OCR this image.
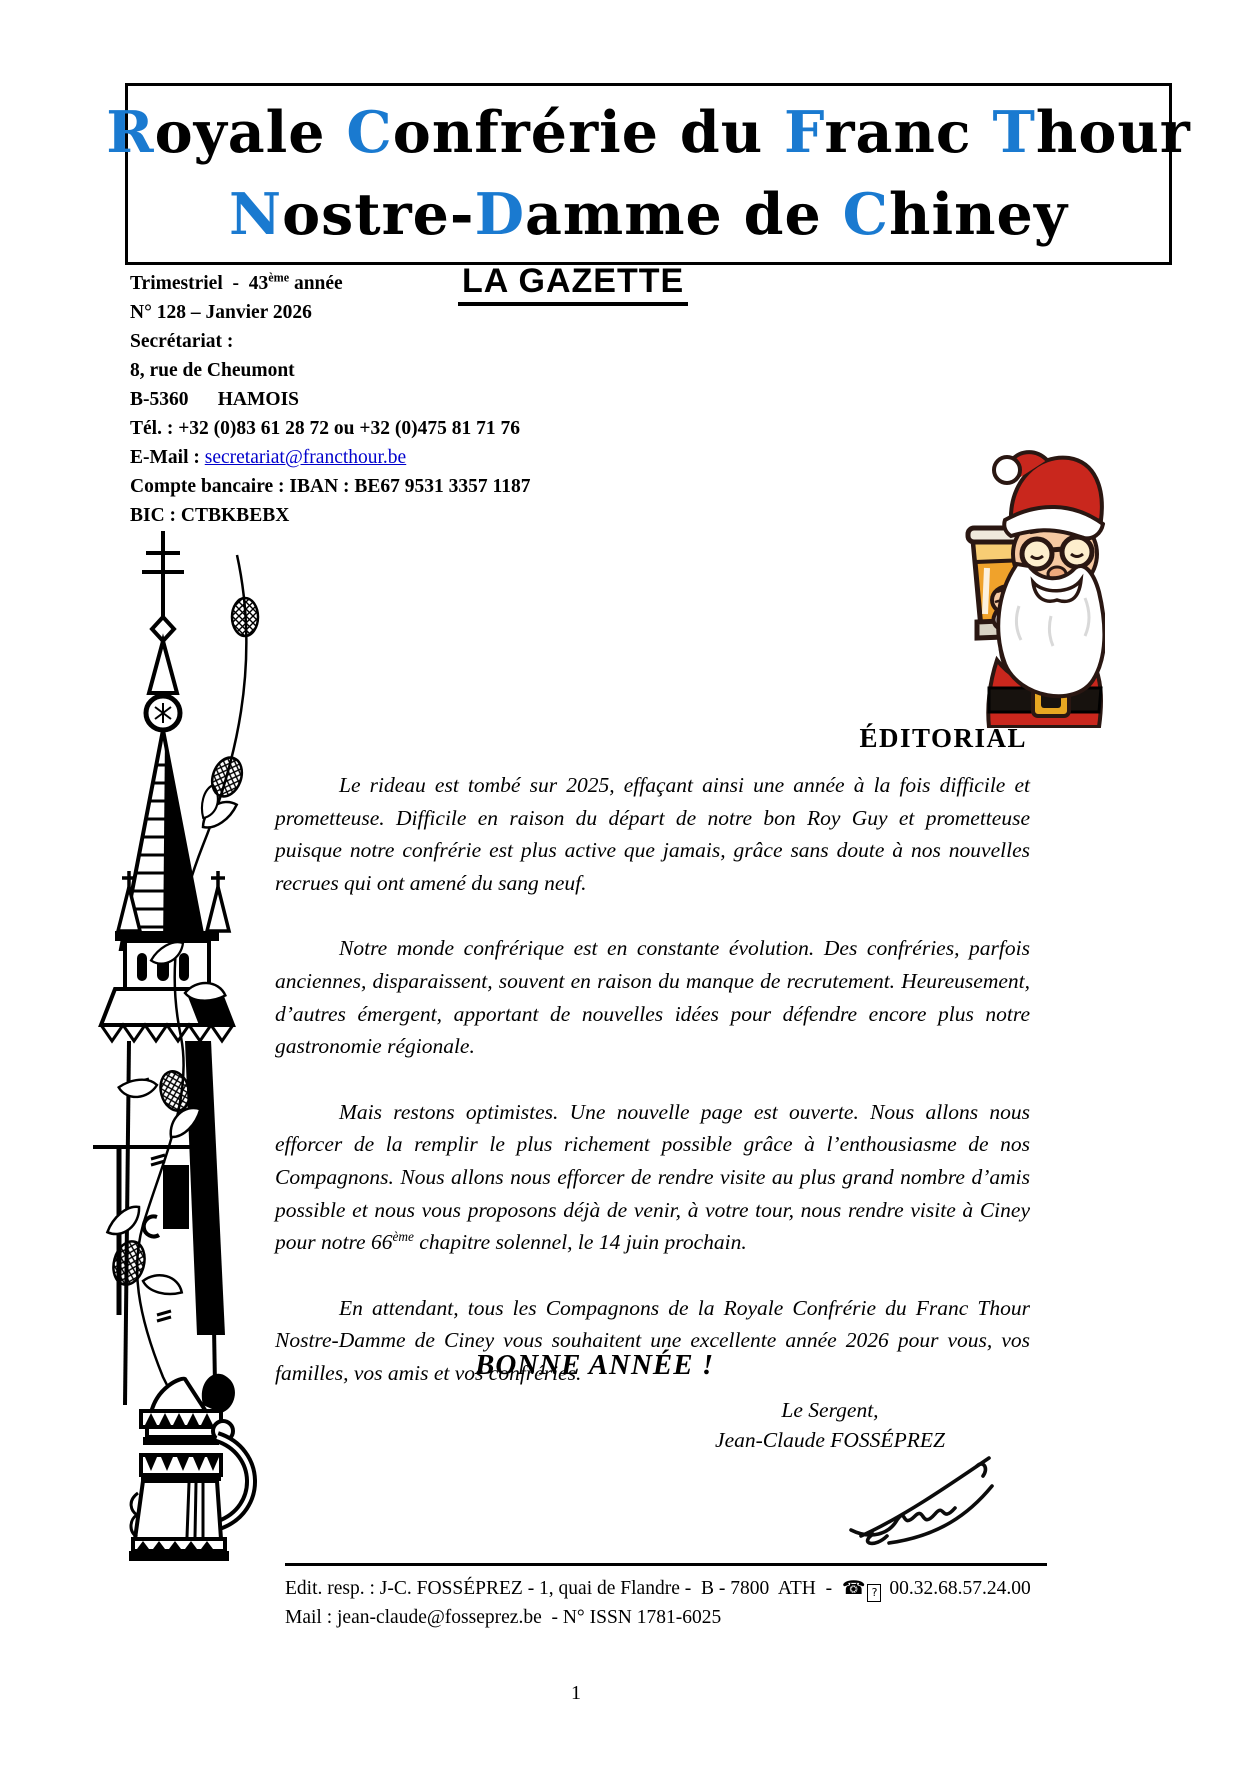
Royale Confrérie du Franc Thour
Nostre-Damme de Chiney
Trimestriel  -  43ème année
N° 128 – Janvier 2026
Secrétariat :
8, rue de Cheumont
B-5360      HAMOIS
Tél. : +32 (0)83 61 28 72 ou +32 (0)475 81 71 76
E-Mail : secretariat@francthour.be
Compte bancaire : IBAN : BE67 9531 3357 1187
BIC : CTBKBEBX
LA GAZETTE
ÉDITORIAL

Le rideau est tombé sur 2025, effaçant ainsi une année à la fois difficile et prometteuse. Difficile en raison du départ de notre bon Roy Guy et prometteuse puisque notre confrérie est plus active que jamais, grâce sans doute à nos nouvelles recrues qui ont amené du sang neuf.

Notre monde confrérique est en constante évolution. Des confréries, parfois anciennes, disparaissent, souvent en raison du manque de recrutement. Heureusement, d’autres émergent, apportant de nouvelles idées pour défendre encore plus notre gastronomie régionale.

Mais restons optimistes. Une nouvelle page est ouverte. Nous allons nous efforcer de la remplir le plus richement possible grâce à l’enthousiasme de nos Compagnons. Nous allons nous efforcer de rendre visite au plus grand nombre d’amis possible et nous vous proposons déjà de venir, à votre tour, nous rendre visite à Ciney pour notre 66ème chapitre solennel, le 14 juin prochain.

En attendant, tous les Compagnons de la Royale Confrérie du Franc Thour Nostre-Damme de Ciney vous souhaitent une excellente année 2026 pour vous, vos familles, vos amis et vos confréries.

BONNE ANNÉE !
Le Sergent,
Jean-Claude FOSSÉPREZ
Edit. resp. : J-C. FOSSÉPREZ - 1, quai de Flandre -  B - 7800  ATH  -  ☎ ? 00.32.68.57.24.00
Mail : jean-claude@fosseprez.be  - N° ISSN 1781-6025
1
